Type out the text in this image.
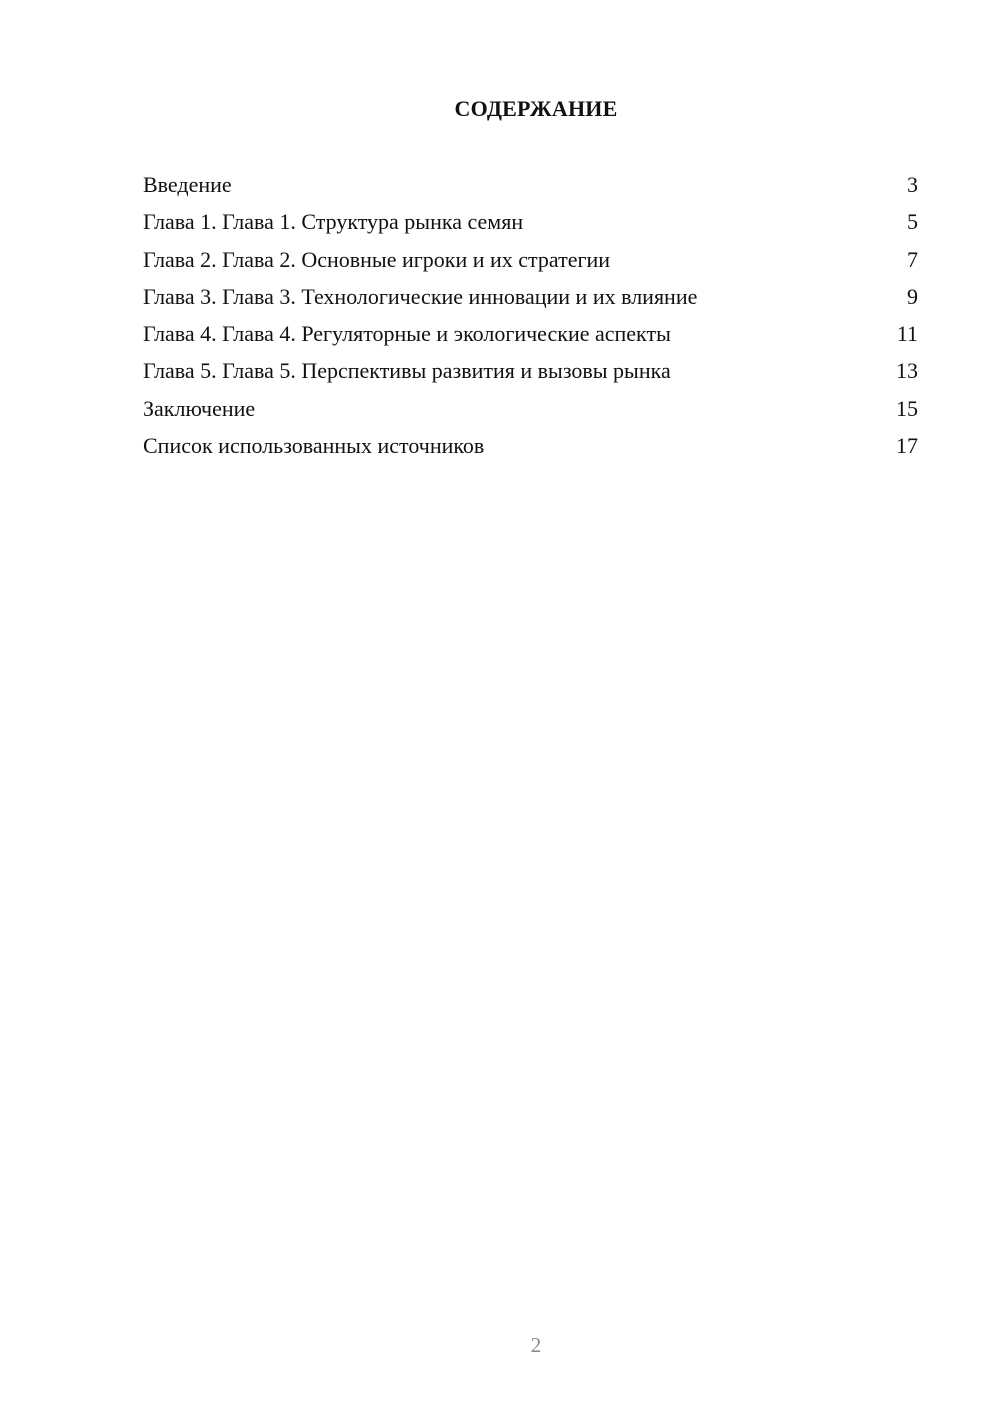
СОДЕРЖАНИЕ
Введение	3
Глава 1. Глава 1. Структура рынка семян	5
Глава 2. Глава 2. Основные игроки и их стратегии	7
Глава 3. Глава 3. Технологические инновации и их влияние	9
Глава 4. Глава 4. Регуляторные и экологические аспекты	11
Глава 5. Глава 5. Перспективы развития и вызовы рынка	13
Заключение	15
Список использованных источников	17
2
